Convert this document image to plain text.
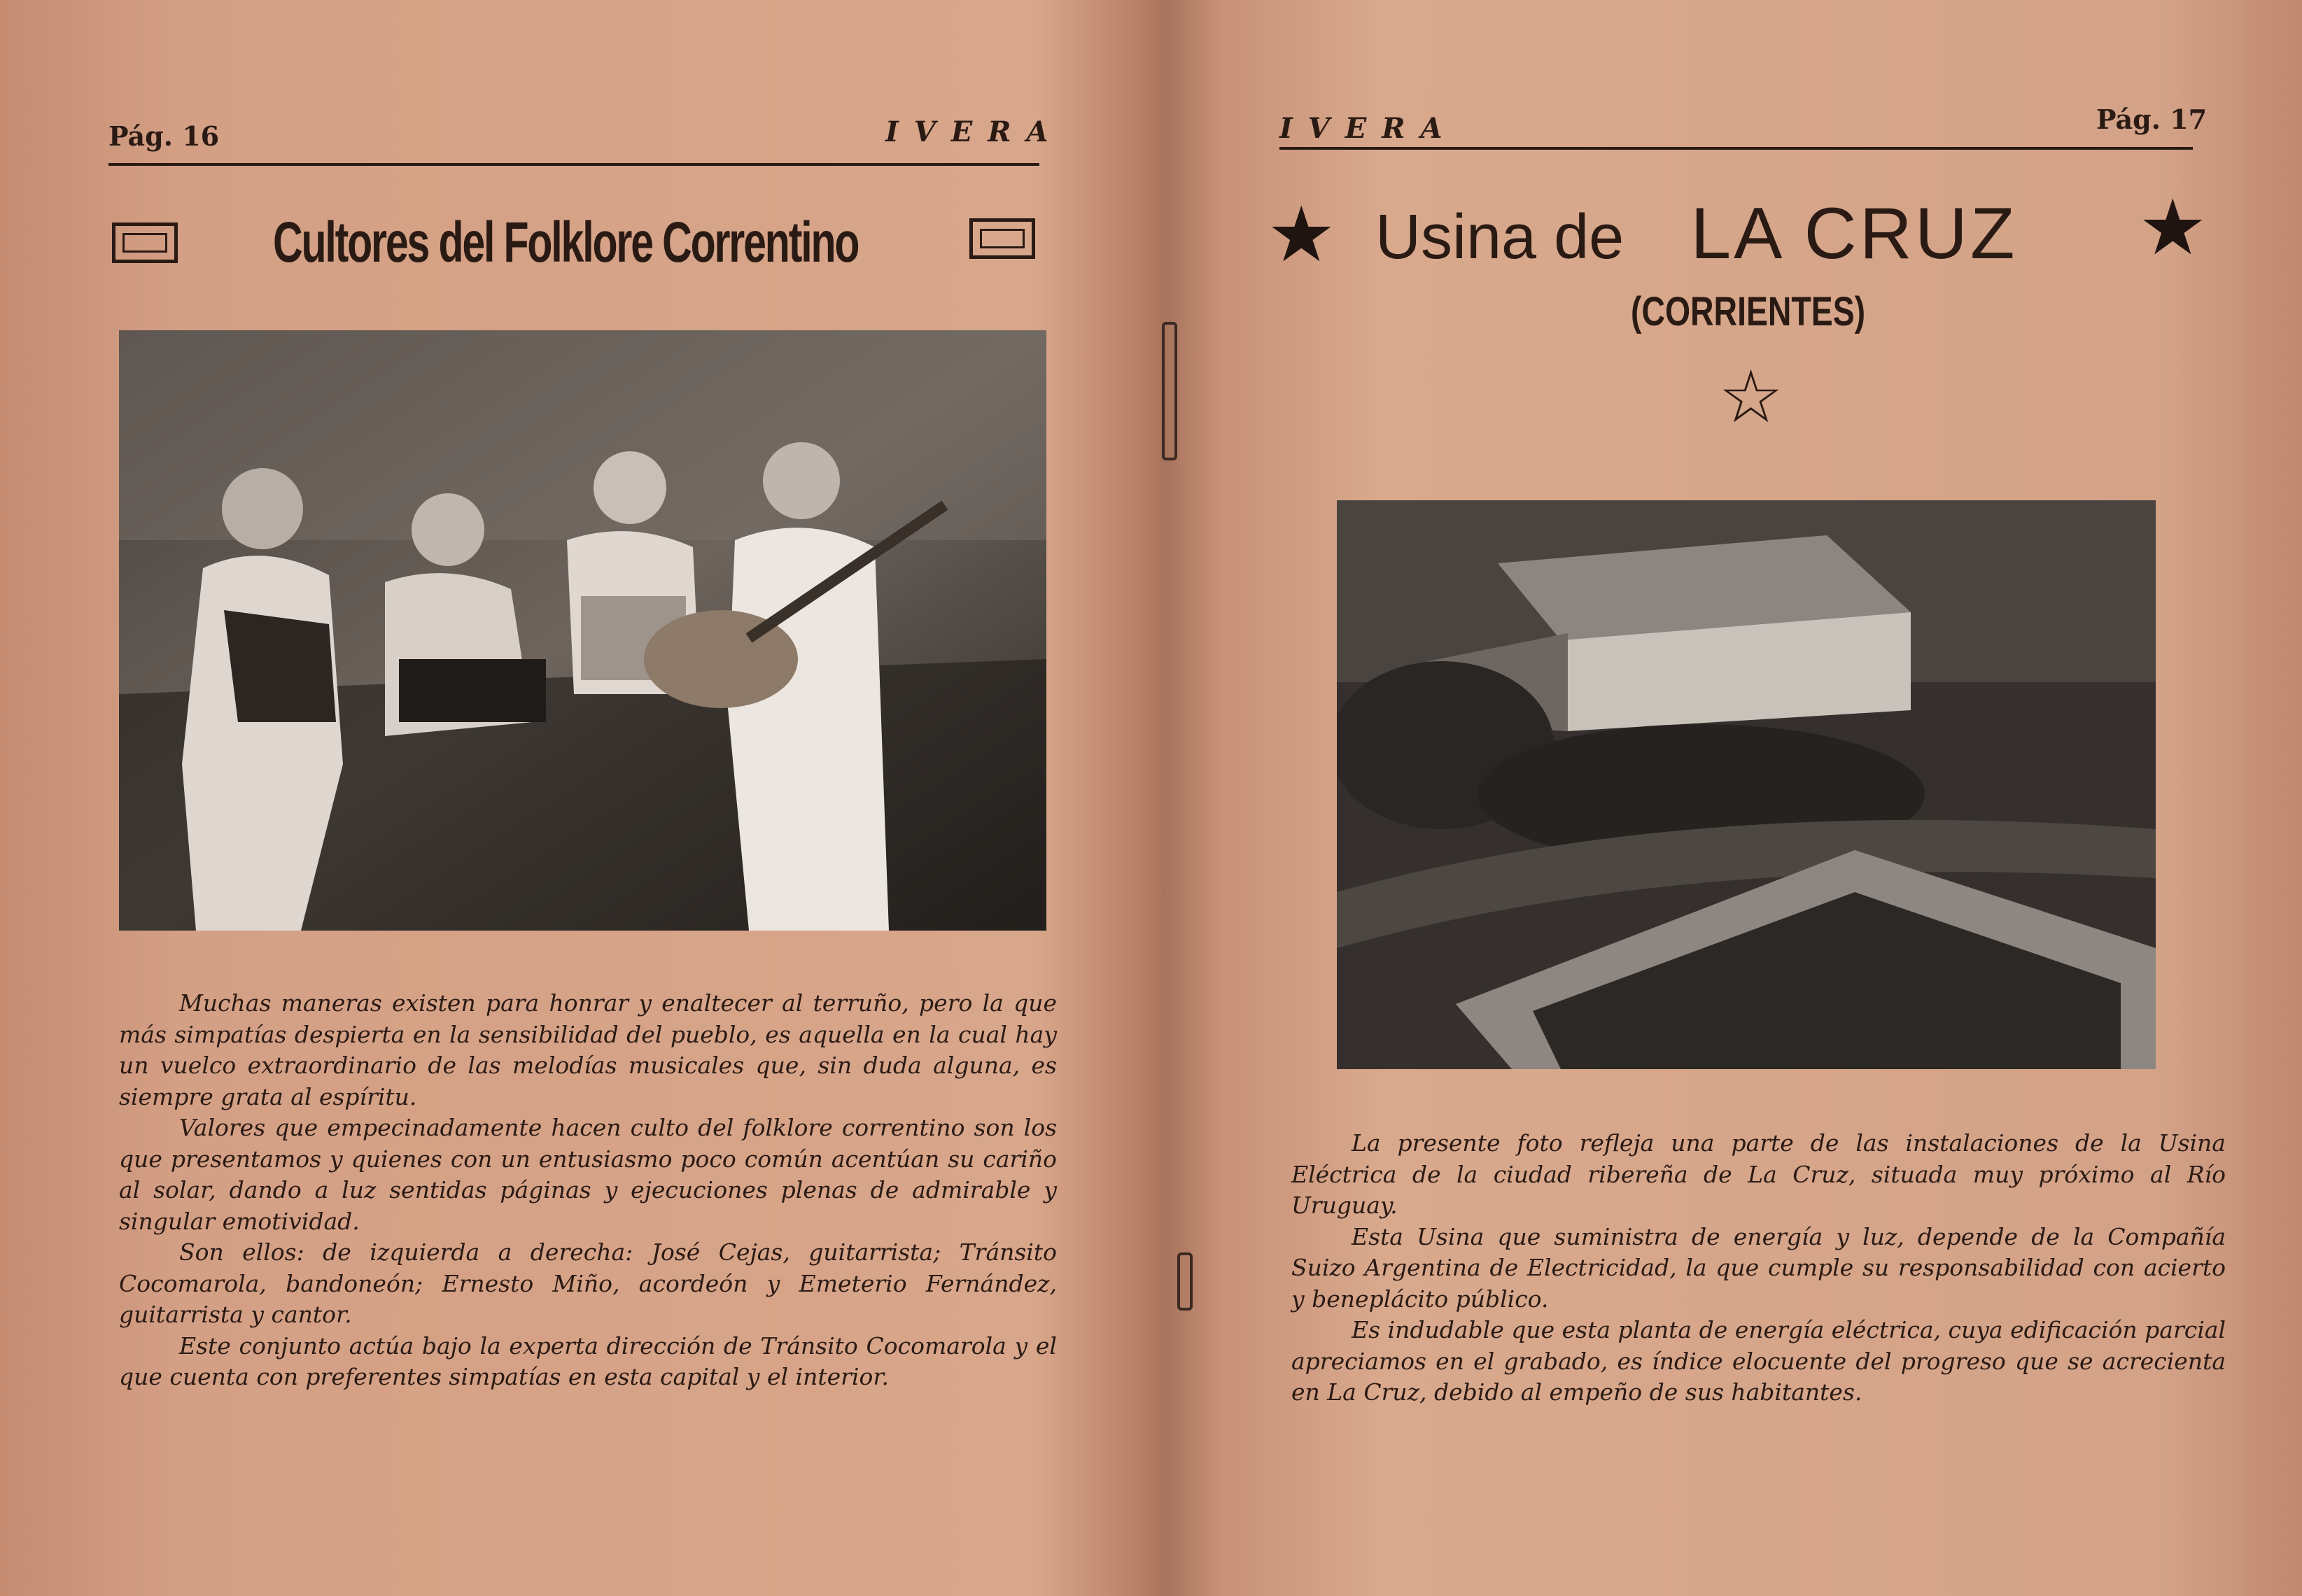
Pág. 16	IVERA
Cultores del Folklore Correntino

Muchas maneras existen para honrar y enaltecer al terruño, pero la que más simpatías despierta en la sensibilidad del pueblo, es aquella en la cual hay un vuelco extraordinario de las melodías musicales que, sin duda alguna, es siempre grata al espíritu.

Valores que empecinadamente hacen culto del folklore correntino son los que presentamos y quienes con un entusiasmo poco común acentúan su cariño al solar, dando a luz sentidas páginas y ejecuciones plenas de admirable y singular emotividad.

Son ellos: de izquierda a derecha: José Cejas, guitarrista; Tránsito Cocomarola, bandoneón; Ernesto Miño, acordeón y Emeterio Fernández, guitarrista y cantor.

Este conjunto actúa bajo la experta dirección de Tránsito Cocomarola y el que cuenta con preferentes simpatías en esta capital y el interior.

IVERA	Pág. 17
★ Usina de LA CRUZ ★
(CORRIENTES)
☆

La presente foto refleja una parte de las instalaciones de la Usina Eléctrica de la ciudad ribereña de La Cruz, situada muy próximo al Río Uruguay.

Esta Usina que suministra de energía y luz, depende de la Compañía Suizo Argentina de Electricidad, la que cumple su responsabilidad con acierto y beneplácito público.

Es indudable que esta planta de energía eléctrica, cuya edificación parcial apreciamos en el grabado, es índice elocuente del progreso que se acrecienta en La Cruz, debido al empeño de sus habitantes.
